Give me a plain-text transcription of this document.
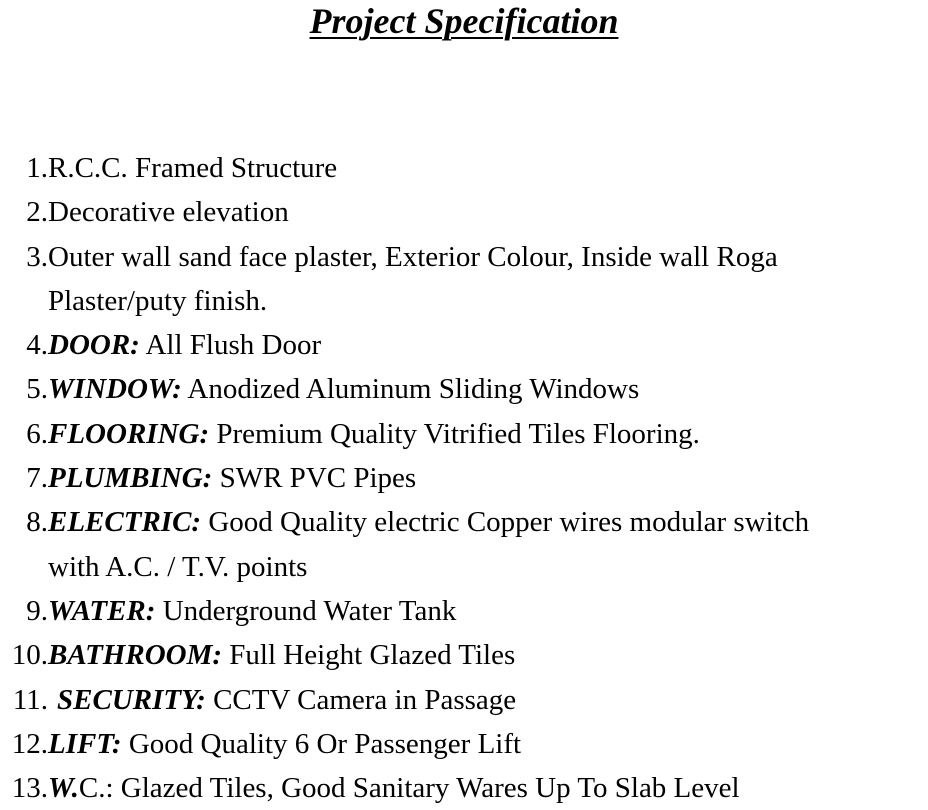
Project Specification
1. R.C.C. Framed Structure
2. Decorative elevation
3. Outer wall sand face plaster, Exterior Colour, Inside wall Roga
Plaster/puty finish.
4. DOOR: All Flush Door
5. WINDOW: Anodized Aluminum Sliding Windows
6. FLOORING: Premium Quality Vitrified Tiles Flooring.
7. PLUMBING: SWR PVC Pipes
8. ELECTRIC: Good Quality electric Copper wires modular switch
with A.C. / T.V. points
9. WATER: Underground Water Tank
10. BATHROOM: Full Height Glazed Tiles
11. SECURITY: CCTV Camera in Passage
12. LIFT: Good Quality 6 Or Passenger Lift
13. W.C.: Glazed Tiles, Good Sanitary Wares Up To Slab Level
